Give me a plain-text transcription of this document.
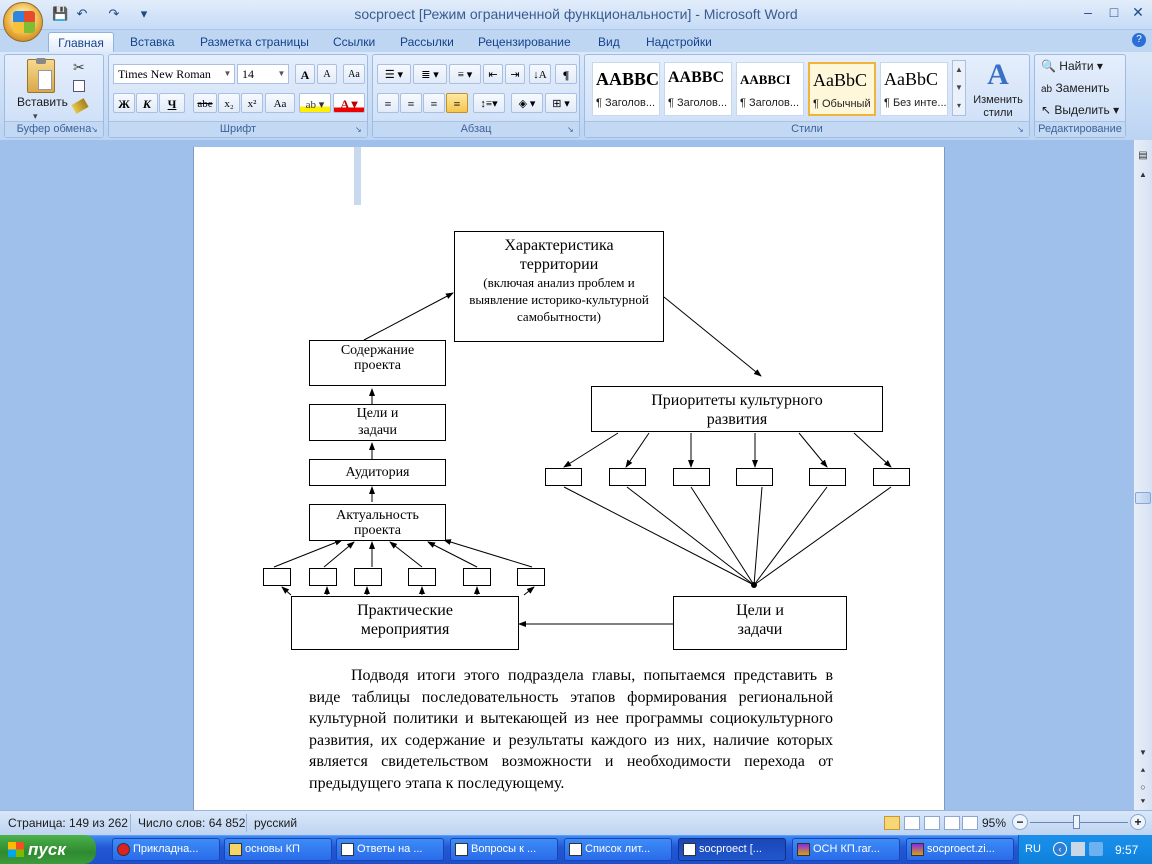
💾 ↶ ↷	▾	socproect [Режим ограниченной функциональности] - Microsoft Word	–	□ ✕
Главная	Вставка	Разметка страницы	Ссылки	Рассылки	Рецензирование	Вид	Надстройки	?
Вставить
▾
✂
Буфер обмена ↘
Times New Roman	▼ 14	▼	A	A	Aa
Ж	К	Ч	abe	x₂	x²	Aa	ab ▾	A ▾
Шрифт	↘
☰ ▾	≣ ▾	≡ ▾	⇤	⇥	↓A	¶
≡	≡	≡	≡	↕≡▾	◈ ▾	⊞ ▾
Абзац	↘	Стили	↘
AABBC
¶ Заголов...
AABBC
¶ Заголов...
AABBCI
¶ Заголов...
AaBbC
¶ Обычный
AaBbC
¶ Без инте...
▲
▼
▾
A
Изменить стили
🔍 Найти ▾
ab Заменить
↖ Выделить ▾
Редактирование
Характеристика территории
(включая анализ проблем и выявление историко-культурной самобытности)
Содержание проекта
Цели и задачи
Аудитория
Актуальность проекта
Практические мероприятия
Приоритеты культурного развития
Цели и задачи
Подводя итоги этого подраздела главы, попытаемся представить в виде таблицы последовательность этапов формирования региональной культурной политики и вытекающей из нее программы социокультурного развития, их содержание и результаты каждого из них, наличие которых является свидетельством возможности и необходимости перехода от предыдущего этапа к последующему.
▤
▲
▼
⯅
○
⯆
Страница: 149 из 262 Число слов: 64 852 русский	95% −	+
пуск	Прикладна...	основы КП	Ответы на ...	Вопросы к ...	Список лит...	socproect [...	ОСН КП.rar...	socproect.zi...	RU	‹	9:57
